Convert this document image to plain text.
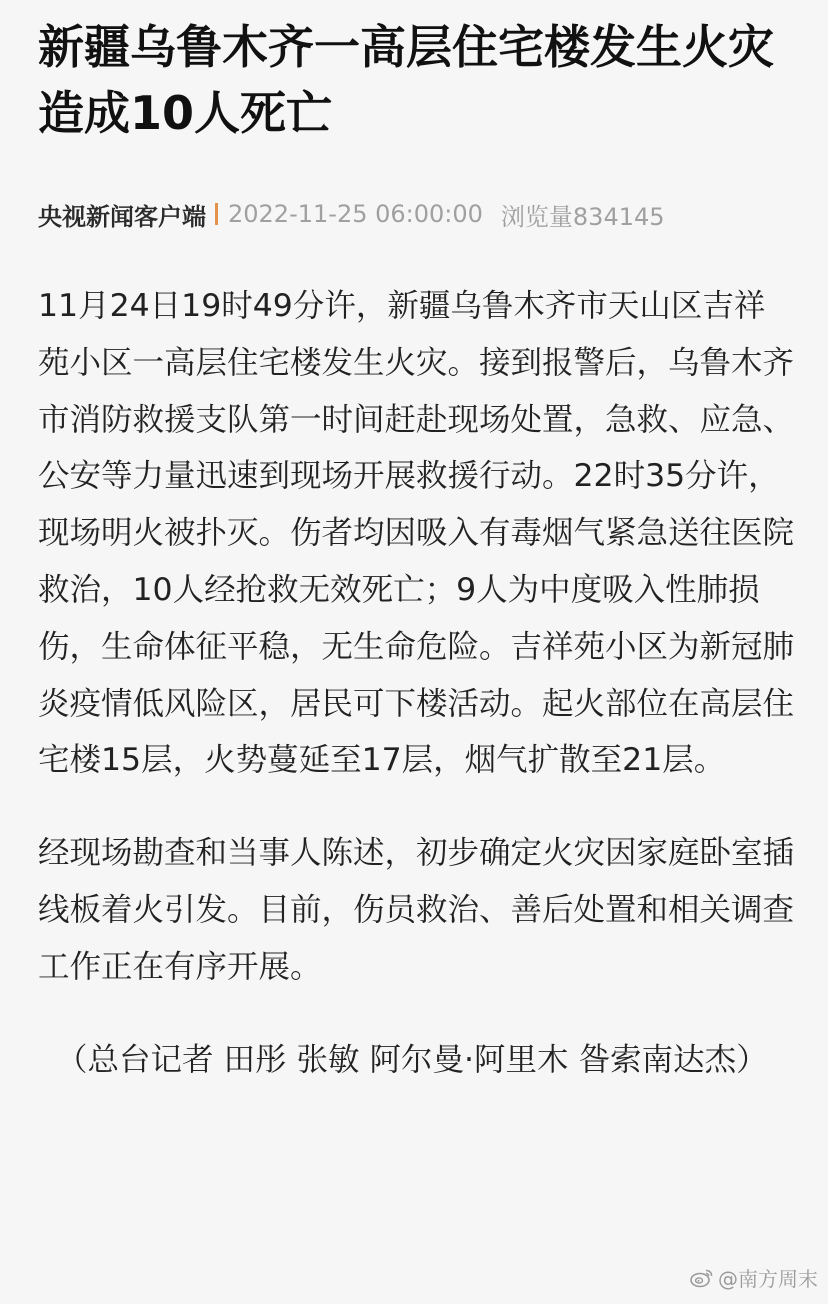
新疆乌鲁木齐一高层住宅楼发生火灾造成10人死亡
央视新闻客户端 2022-11-25 06:00:00 浏览量834145

11月24日19时49分许，新疆乌鲁木齐市天山区吉祥苑小区一高层住宅楼发生火灾。接到报警后，乌鲁木齐市消防救援支队第一时间赶赴现场处置，急救、应急、公安等力量迅速到现场开展救援行动。22时35分许，现场明火被扑灭。伤者均因吸入有毒烟气紧急送往医院救治，10人经抢救无效死亡；9人为中度吸入性肺损伤，生命体征平稳，无生命危险。吉祥苑小区为新冠肺炎疫情低风险区，居民可下楼活动。起火部位在高层住宅楼15层，火势蔓延至17层，烟气扩散至21层。

经现场勘查和当事人陈述，初步确定火灾因家庭卧室插线板着火引发。目前，伤员救治、善后处置和相关调查工作正在有序开展。

（总台记者 田彤 张敏 阿尔曼·阿里木 昝索南达杰）

@南方周末
